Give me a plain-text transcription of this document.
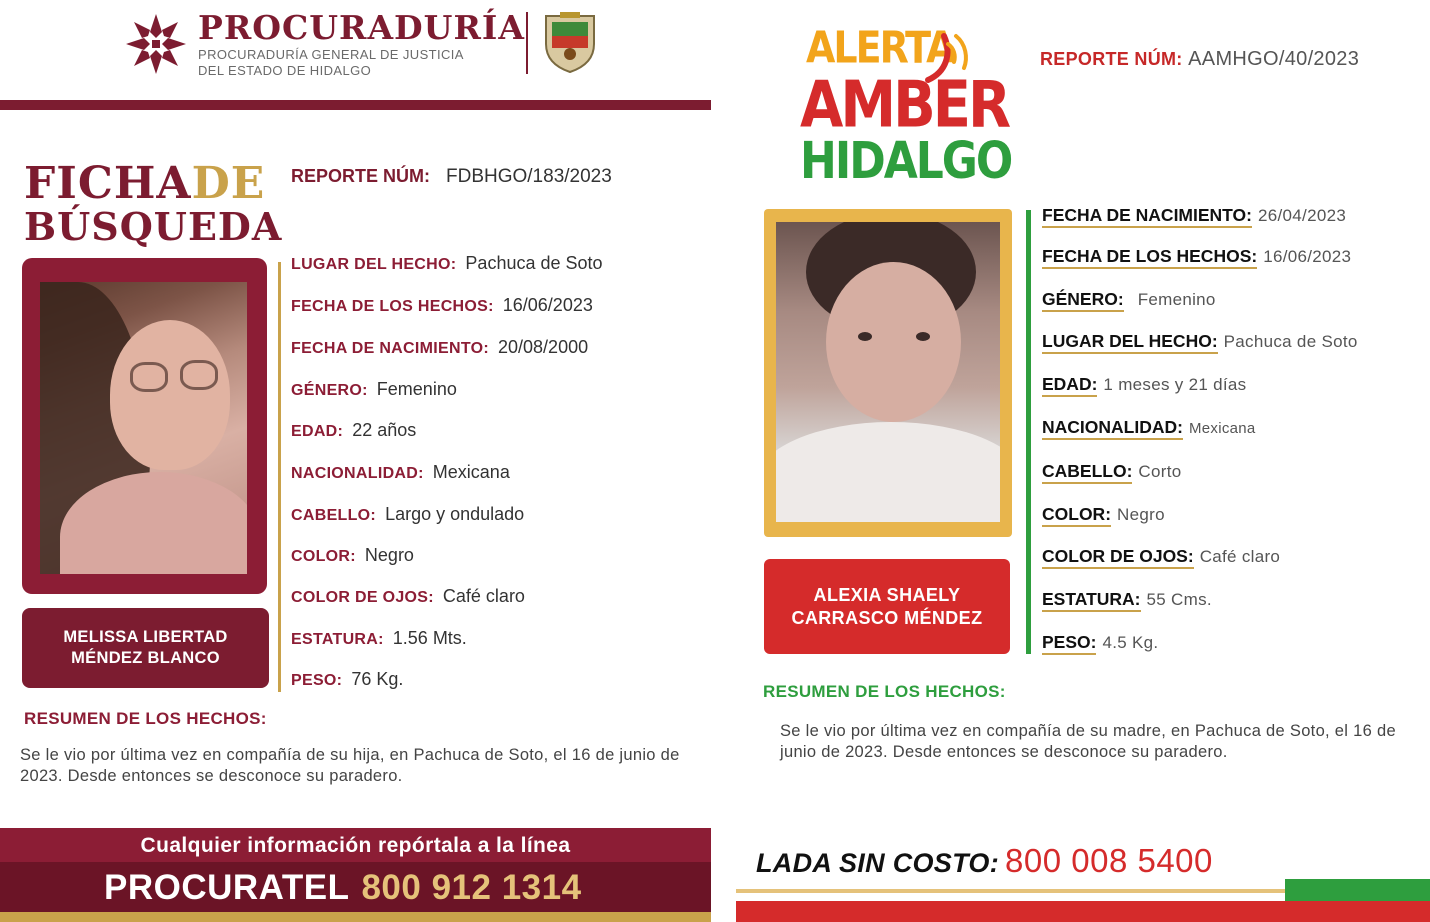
PROCURADURÍA
PROCURADURÍA GENERAL DE JUSTICIA
DEL ESTADO DE HIDALGO
FICHADE
BÚSQUEDA
REPORTE NÚM: FDBHGO/183/2023
MELISSA LIBERTAD
MÉNDEZ BLANCO
LUGAR DEL HECHO: Pachuca de Soto
FECHA DE LOS HECHOS: 16/06/2023
FECHA DE NACIMIENTO: 20/08/2000
GÉNERO: Femenino
EDAD: 22 años
NACIONALIDAD: Mexicana
CABELLO: Largo y ondulado
COLOR: Negro
COLOR DE OJOS: Café claro
ESTATURA: 1.56 Mts.
PESO: 76 Kg.
RESUMEN DE LOS HECHOS:
Se le vio por última vez en compañía de su hija, en Pachuca de Soto, el 16 de junio de 2023. Desde entonces se desconoce su paradero.
Cualquier información repórtala a la línea
PROCURATEL 800 912 1314
ALERTA
AMBER
HIDALGO
REPORTE NÚM: AAMHGO/40/2023
ALEXIA SHAELY
CARRASCO MÉNDEZ
FECHA DE NACIMIENTO: 26/04/2023
FECHA DE LOS HECHOS: 16/06/2023
GÉNERO: Femenino
LUGAR DEL HECHO: Pachuca de Soto
EDAD: 1 meses y 21 días
NACIONALIDAD: Mexicana
CABELLO: Corto
COLOR: Negro
COLOR DE OJOS: Café claro
ESTATURA: 55 Cms.
PESO: 4.5 Kg.
RESUMEN DE LOS HECHOS:
Se le vio por última vez en compañía de su madre, en Pachuca de Soto, el 16 de junio de 2023. Desde entonces se desconoce su paradero.
LADA SIN COSTO: 800 008 5400
